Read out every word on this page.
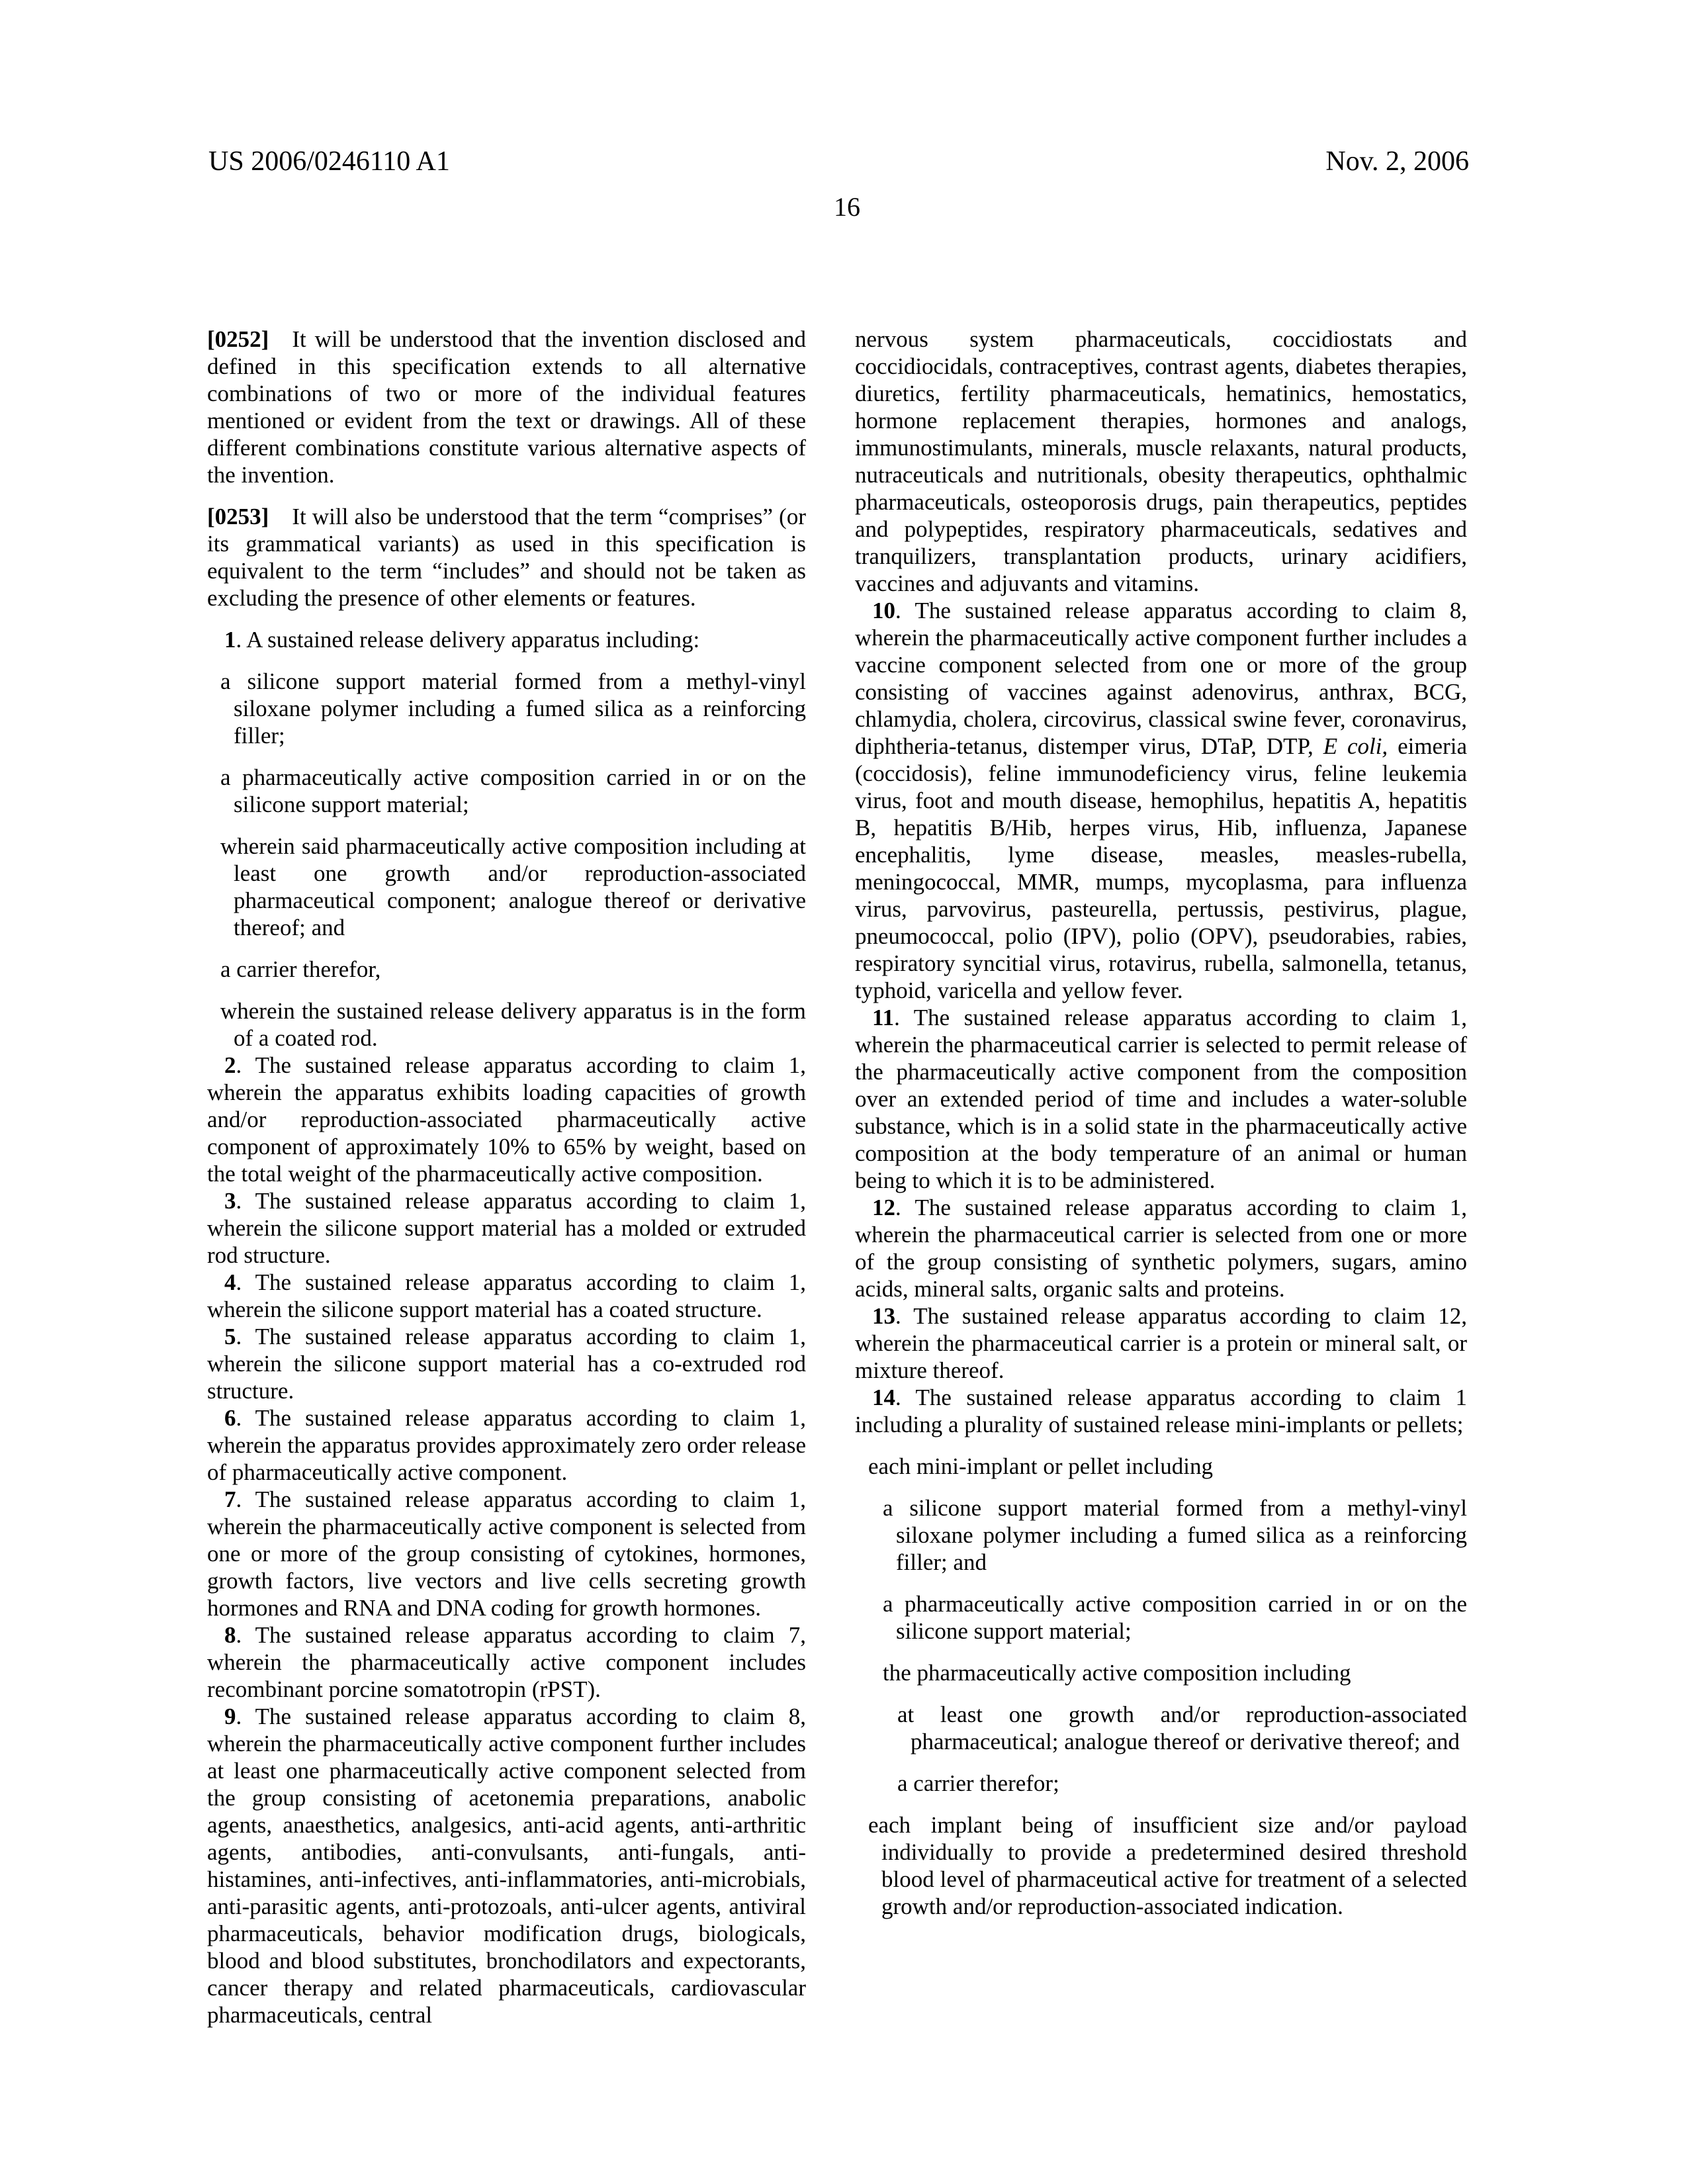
US 2006/0246110 A1	Nov. 2, 2006
16

[0252] It will be understood that the invention disclosed and defined in this specification extends to all alternative combinations of two or more of the individual features mentioned or evident from the text or drawings. All of these different combinations constitute various alternative aspects of the invention.

[0253] It will also be understood that the term “comprises” (or its grammatical variants) as used in this specification is equivalent to the term “includes” and should not be taken as excluding the presence of other elements or features.

1. A sustained release delivery apparatus including:

a silicone support material formed from a methyl-vinyl siloxane polymer including a fumed silica as a reinforcing filler;

a pharmaceutically active composition carried in or on the silicone support material;

wherein said pharmaceutically active composition including at least one growth and/or reproduction-associated pharmaceutical component; analogue thereof or derivative thereof; and

a carrier therefor,

wherein the sustained release delivery apparatus is in the form of a coated rod.

2. The sustained release apparatus according to claim 1, wherein the apparatus exhibits loading capacities of growth and/or reproduction-associated pharmaceutically active component of approximately 10% to 65% by weight, based on the total weight of the pharmaceutically active composition.

3. The sustained release apparatus according to claim 1, wherein the silicone support material has a molded or extruded rod structure.

4. The sustained release apparatus according to claim 1, wherein the silicone support material has a coated structure.

5. The sustained release apparatus according to claim 1, wherein the silicone support material has a co-extruded rod structure.

6. The sustained release apparatus according to claim 1, wherein the apparatus provides approximately zero order release of pharmaceutically active component.

7. The sustained release apparatus according to claim 1, wherein the pharmaceutically active component is selected from one or more of the group consisting of cytokines, hormones, growth factors, live vectors and live cells secreting growth hormones and RNA and DNA coding for growth hormones.

8. The sustained release apparatus according to claim 7, wherein the pharmaceutically active component includes recombinant porcine somatotropin (rPST).

9. The sustained release apparatus according to claim 8, wherein the pharmaceutically active component further includes at least one pharmaceutically active component selected from the group consisting of acetonemia preparations, anabolic agents, anaesthetics, analgesics, anti-acid agents, anti-arthritic agents, antibodies, anti-convulsants, anti-fungals, anti-histamines, anti-infectives, anti-inflammatories, anti-microbials, anti-parasitic agents, anti-protozoals, anti-ulcer agents, antiviral pharmaceuticals, behavior modification drugs, biologicals, blood and blood substitutes, bronchodilators and expectorants, cancer therapy and related pharmaceuticals, cardiovascular pharmaceuticals, central

nervous system pharmaceuticals, coccidiostats and coccidiocidals, contraceptives, contrast agents, diabetes therapies, diuretics, fertility pharmaceuticals, hematinics, hemostatics, hormone replacement therapies, hormones and analogs, immunostimulants, minerals, muscle relaxants, natural products, nutraceuticals and nutritionals, obesity therapeutics, ophthalmic pharmaceuticals, osteoporosis drugs, pain therapeutics, peptides and polypeptides, respiratory pharmaceuticals, sedatives and tranquilizers, transplantation products, urinary acidifiers, vaccines and adjuvants and vitamins.

10. The sustained release apparatus according to claim 8, wherein the pharmaceutically active component further includes a vaccine component selected from one or more of the group consisting of vaccines against adenovirus, anthrax, BCG, chlamydia, cholera, circovirus, classical swine fever, coronavirus, diphtheria-tetanus, distemper virus, DTaP, DTP, E coli, eimeria (coccidosis), feline immunodeficiency virus, feline leukemia virus, foot and mouth disease, hemophilus, hepatitis A, hepatitis B, hepatitis B/Hib, herpes virus, Hib, influenza, Japanese encephalitis, lyme disease, measles, measles-rubella, meningococcal, MMR, mumps, mycoplasma, para influenza virus, parvovirus, pasteurella, pertussis, pestivirus, plague, pneumococcal, polio (IPV), polio (OPV), pseudorabies, rabies, respiratory syncitial virus, rotavirus, rubella, salmonella, tetanus, typhoid, varicella and yellow fever.

11. The sustained release apparatus according to claim 1, wherein the pharmaceutical carrier is selected to permit release of the pharmaceutically active component from the composition over an extended period of time and includes a water-soluble substance, which is in a solid state in the pharmaceutically active composition at the body temperature of an animal or human being to which it is to be administered.

12. The sustained release apparatus according to claim 1, wherein the pharmaceutical carrier is selected from one or more of the group consisting of synthetic polymers, sugars, amino acids, mineral salts, organic salts and proteins.

13. The sustained release apparatus according to claim 12, wherein the pharmaceutical carrier is a protein or mineral salt, or mixture thereof.

14. The sustained release apparatus according to claim 1 including a plurality of sustained release mini-implants or pellets;

each mini-implant or pellet including

a silicone support material formed from a methyl-vinyl siloxane polymer including a fumed silica as a reinforcing filler; and

a pharmaceutically active composition carried in or on the silicone support material;

the pharmaceutically active composition including

at least one growth and/or reproduction-associated pharmaceutical; analogue thereof or derivative thereof; and

a carrier therefor;

each implant being of insufficient size and/or payload individually to provide a predetermined desired threshold blood level of pharmaceutical active for treatment of a selected growth and/or reproduction-associated indication.
